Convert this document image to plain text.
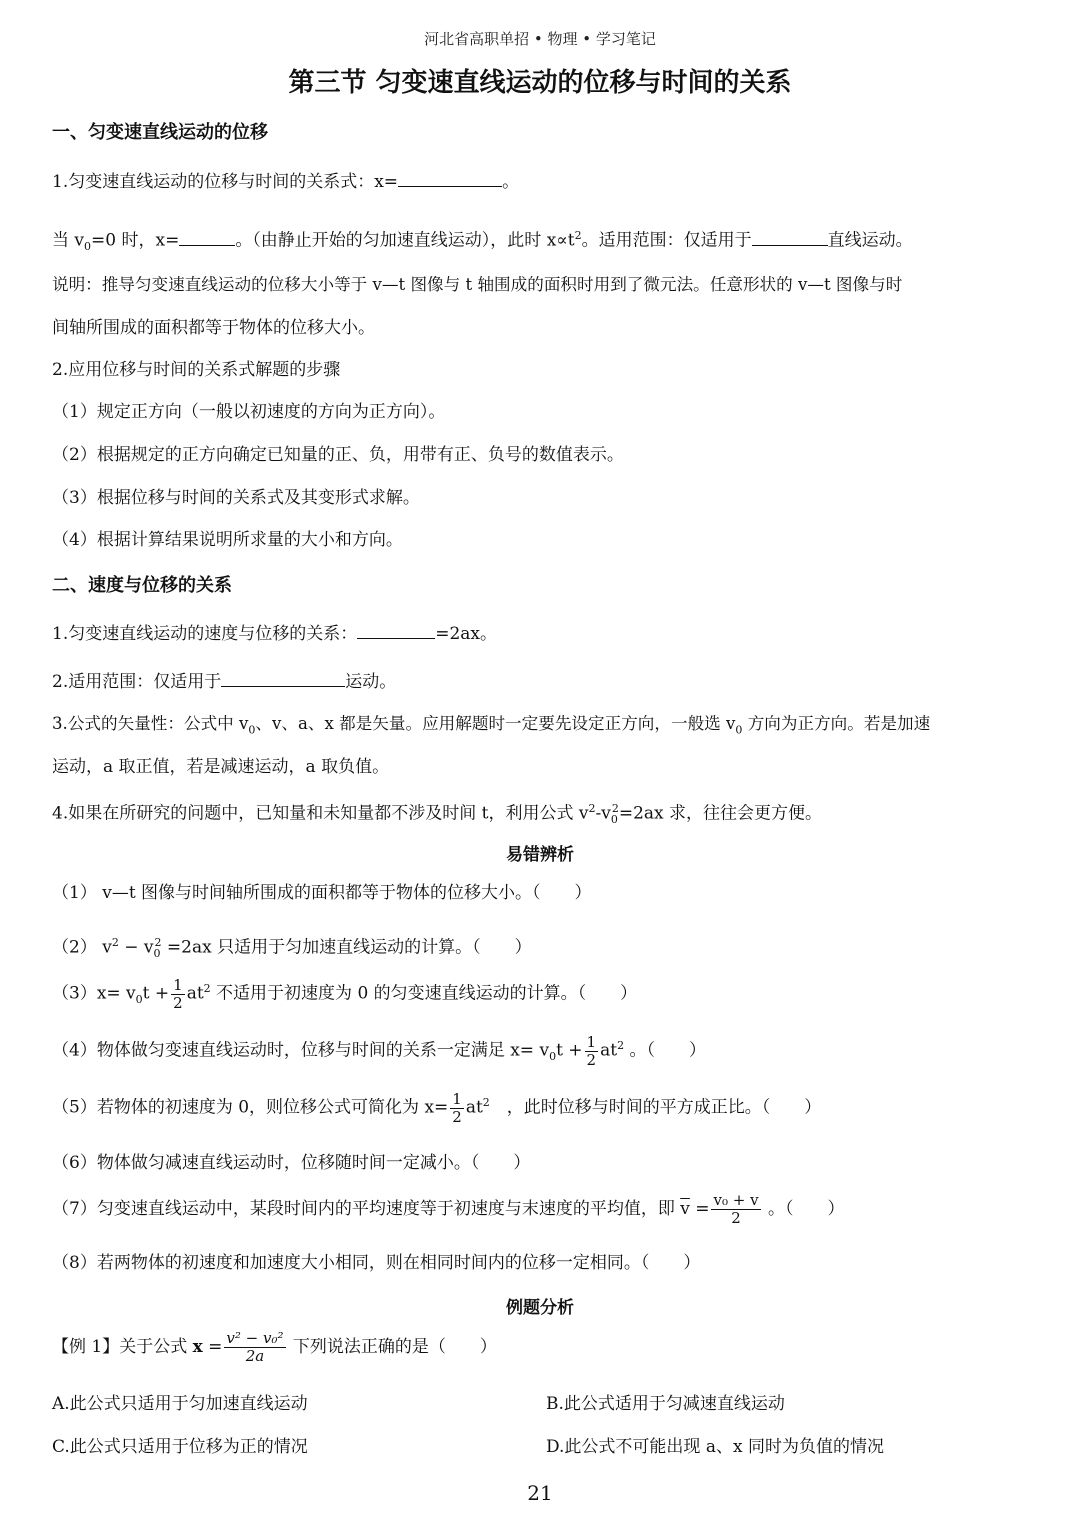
河北省高职单招 • 物理 • 学习笔记
第三节 匀变速直线运动的位移与时间的关系
一、匀变速直线运动的位移
1.匀变速直线运动的位移与时间的关系式：x=	。
当 $v_0=0$ 时，x=	。（由静止开始的匀加速直线运动），此时 $x\propto t^2$。适用范围：仅适用于	直线运动。
说明：推导匀变速直线运动的位移大小等于 v—t 图像与 t 轴围成的面积时用到了微元法。任意形状的 v—t 图像与时
间轴所围成的面积都等于物体的位移大小。
2.应用位移与时间的关系式解题的步骤
（1）规定正方向（一般以初速度的方向为正方向）。
（2）根据规定的正方向确定已知量的正、负，用带有正、负号的数值表示。
（3）根据位移与时间的关系式及其变形式求解。
（4）根据计算结果说明所求量的大小和方向。
二、速度与位移的关系
1.匀变速直线运动的速度与位移的关系：	=2ax。
2.适用范围：仅适用于	运动。
3.公式的矢量性：公式中 $v_0$、v、a、x 都是矢量。应用解题时一定要先设定正方向，一般选 $v_0$ 方向为正方向。若是加速
运动，a 取正值，若是减速运动，a 取负值。
4.如果在所研究的问题中，已知量和未知量都不涉及时间 t，利用公式 $v^2-v_0^2=2ax$ 求，往往会更方便。
易错辨析
（1） v—t 图像与时间轴所围成的面积都等于物体的位移大小。（　　）
（2） $v^2 - v_0^2 =2ax$ 只适用于匀加速直线运动的计算。（　　）
$(3)x= v_0t + \frac{1}{2} at^2$ 不适用于初速度为 0 的匀变速直线运动的计算。（　　）
（4）物体做匀变速直线运动时，位移与时间的关系一定满足 $x= v_0t + \frac{1}{2} at^2$ 。（　　）
（5）若物体的初速度为 0，则位移公式可简化为 $x= \frac{1}{2} at^2$　，此时位移与时间的平方成正比。（　　）
（6）物体做匀减速直线运动时，位移随时间一定减小。（　　）
（7）匀变速直线运动中，某段时间内的平均速度等于初速度与末速度的平均值，即 $\overline{v} = \frac{\text{v₀ + v}}{2}$ 。（　　）
（8）若两物体的初速度和加速度大小相同，则在相同时间内的位移一定相同。（　　）
例题分析
【例 1】关于公式 $x = \frac{\text{v² − v₀²}}{2a}$ 下列说法正确的是（　　）
A.此公式只适用于匀加速直线运动	B.此公式适用于匀减速直线运动
C.此公式只适用于位移为正的情况	D.此公式不可能出现 a、x 同时为负值的情况
21
